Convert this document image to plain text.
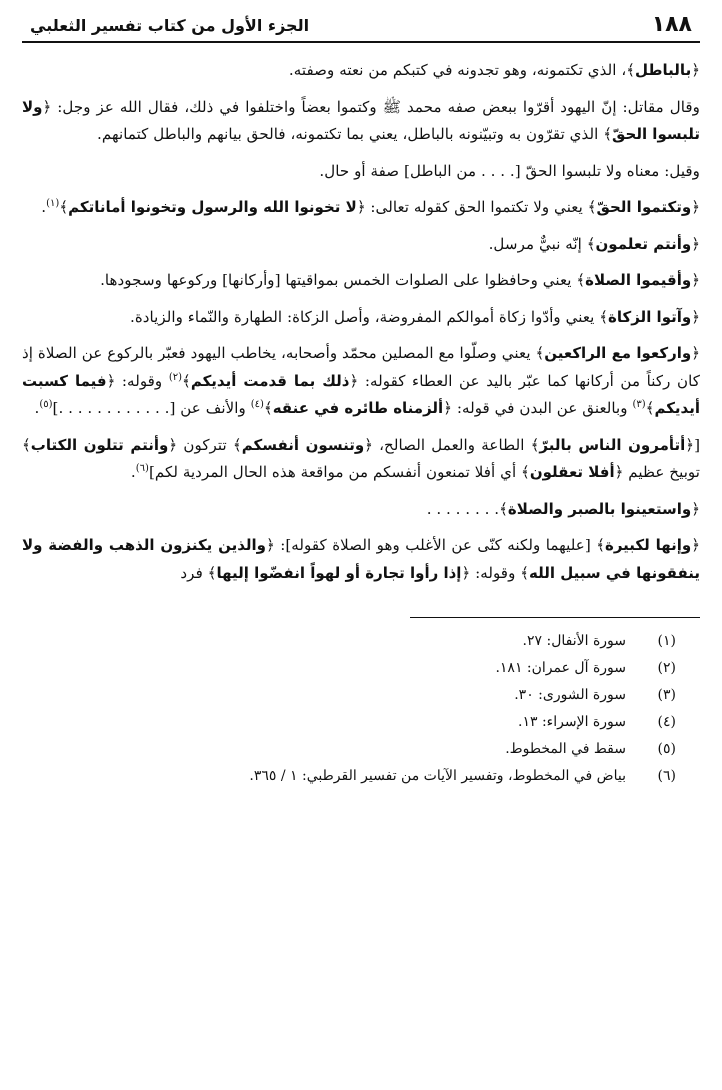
١٨٨
الجزء الأول من كتاب تفسير الثعلبي

﴿ بالباطل ﴾، الذي تكتمونه، وهو تجدونه في كتبكم من نعته وصفته.

وقال مقاتل: إنّ اليهود أقرّوا ببعض صفه محمد ﷺ وكتموا بعضاً واختلفوا في ذلك، فقال الله عز وجل: ﴿ ولا تلبسوا الحقّ ﴾ الذي تقرّون به وتبيّنونه بالباطل، يعني بما تكتمونه، فالحق بيانهم والباطل كتمانهم.

وقيل: معناه ولا تلبسوا الحقّ [. . . . من الباطل] صفة أو حال.

﴿ وتكتموا الحقّ ﴾ يعني ولا تكتموا الحق كقوله تعالى: ﴿ لا تخونوا الله والرسول وتخونوا أماناتكم ﴾$^{(١)}$.

﴿ وأنتم تعلمون ﴾ إنّه نبيٌّ مرسل.

﴿ وأقيموا الصلاة ﴾ يعني وحافظوا على الصلوات الخمس بمواقيتها [وأركانها] وركوعها وسجودها.

﴿ وآتوا الزكاة ﴾ يعني وأدّوا زكاة أموالكم المفروضة، وأصل الزكاة: الطهارة والنّماء والزيادة.

﴿ واركعوا مع الراكعين ﴾ يعني وصلّوا مع المصلين محمّد وأصحابه، يخاطب اليهود فعبّر بالركوع عن الصلاة إذ كان ركناً من أركانها كما عبّر باليد عن العطاء كقوله: ﴿ ذلك بما قدمت أيديكم ﴾$^{(٢)}$ وقوله: ﴿ فيما كسبت أيديكم ﴾$^{(٣)}$ وبالعنق عن البدن في قوله: ﴿ ألزمناه طائره في عنقه ﴾$^{(٤)}$ والأنف عن [. . . . . . . . . . . .]$^{(٥)}$.

[﴿ أتأمرون الناس بالبرّ ﴾ الطاعة والعمل الصالح، ﴿ وتنسون أنفسكم ﴾ تتركون ﴿ وأنتم تتلون الكتاب ﴾ توبيخ عظيم ﴿ أفلا تعقلون ﴾ أي أفلا تمنعون أنفسكم من مواقعة هذه الحال المردية لكم]$^{(٦)}$.

﴿ واستعينوا بالصبر والصلاة ﴾. . . . . . . .

﴿ وإنها لكبيرة ﴾ [عليهما ولكنه كنّى عن الأغلب وهو الصلاة كقوله]: ﴿ والذين يكنزون الذهب والفضة ولا ينفقونها في سبيل الله ﴾ وقوله: ﴿ إذا رأوا تجارة أو لهواً انفضّوا إليها ﴾ فرد

(١)
سورة الأنفال: ٢٧.
(٢)
سورة آل عمران: ١٨١.
(٣)
سورة الشورى: ٣٠.
(٤)
سورة الإسراء: ١٣.
(٥)
سقط في المخطوط.
(٦)
بياض في المخطوط، وتفسير الآيات من تفسير القرطبي: ١ / ٣٦٥.
